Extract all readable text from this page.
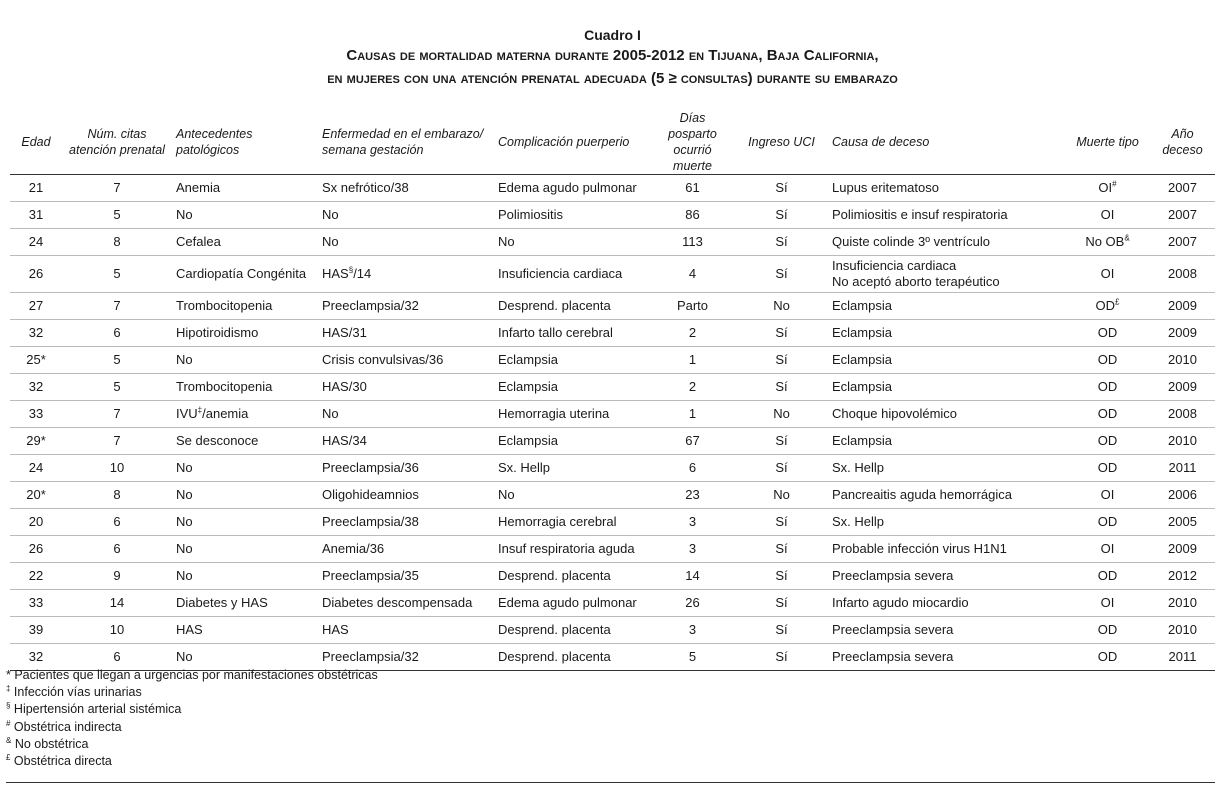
Cuadro I
Causas de mortalidad materna durante 2005-2012 en Tijuana, Baja California,
en mujeres con una atención prenatal adecuada (5 ≥ consultas) durante su embarazo
Edad	Núm. citas
atención prenatal	Antecedentes
patológicos	Enfermedad en el embarazo/
semana gestación	Complicación puerperio	Días posparto
ocurrió muerte	Ingreso UCI	Causa de deceso	Muerte tipo	Año deceso
21	7	Anemia	Sx nefrótico/38	Edema agudo pulmonar	61	Sí	Lupus eritematoso	OI#	2007
31	5	No	No	Polimiositis	86	Sí	Polimiositis e insuf respiratoria	OI	2007
24	8	Cefalea	No	No	113	Sí	Quiste colinde 3º ventrículo	No OB&	2007
26	5	Cardiopatía Congénita	HAS§/14	Insuficiencia cardiaca	4	Sí	Insuficiencia cardiaca
No aceptó aborto terapéutico	OI	2008
27	7	Trombocitopenia	Preeclampsia/32	Desprend. placenta	Parto	No	Eclampsia	OD£	2009
32	6	Hipotiroidismo	HAS/31	Infarto tallo cerebral	2	Sí	Eclampsia	OD	2009
25*	5	No	Crisis convulsivas/36	Eclampsia	1	Sí	Eclampsia	OD	2010
32	5	Trombocitopenia	HAS/30	Eclampsia	2	Sí	Eclampsia	OD	2009
33	7	IVU‡/anemia	No	Hemorragia uterina	1	No	Choque hipovolémico	OD	2008
29*	7	Se desconoce	HAS/34	Eclampsia	67	Sí	Eclampsia	OD	2010
24	10	No	Preeclampsia/36	Sx. Hellp	6	Sí	Sx. Hellp	OD	2011
20*	8	No	Oligohideamnios	No	23	No	Pancreaitis aguda hemorrágica	OI	2006
20	6	No	Preeclampsia/38	Hemorragia cerebral	3	Sí	Sx. Hellp	OD	2005
26	6	No	Anemia/36	Insuf respiratoria aguda	3	Sí	Probable infección virus H1N1	OI	2009
22	9	No	Preeclampsia/35	Desprend. placenta	14	Sí	Preeclampsia severa	OD	2012
33	14	Diabetes y HAS	Diabetes descompensada	Edema agudo pulmonar	26	Sí	Infarto agudo miocardio	OI	2010
39	10	HAS	HAS	Desprend. placenta	3	Sí	Preeclampsia severa	OD	2010
32	6	No	Preeclampsia/32	Desprend. placenta	5	Sí	Preeclampsia severa	OD	2011
* Pacientes que llegan a urgencias por manifestaciones obstétricas
‡ Infección vías urinarias
§ Hipertensión arterial sistémica
# Obstétrica indirecta
& No obstétrica
£ Obstétrica directa
